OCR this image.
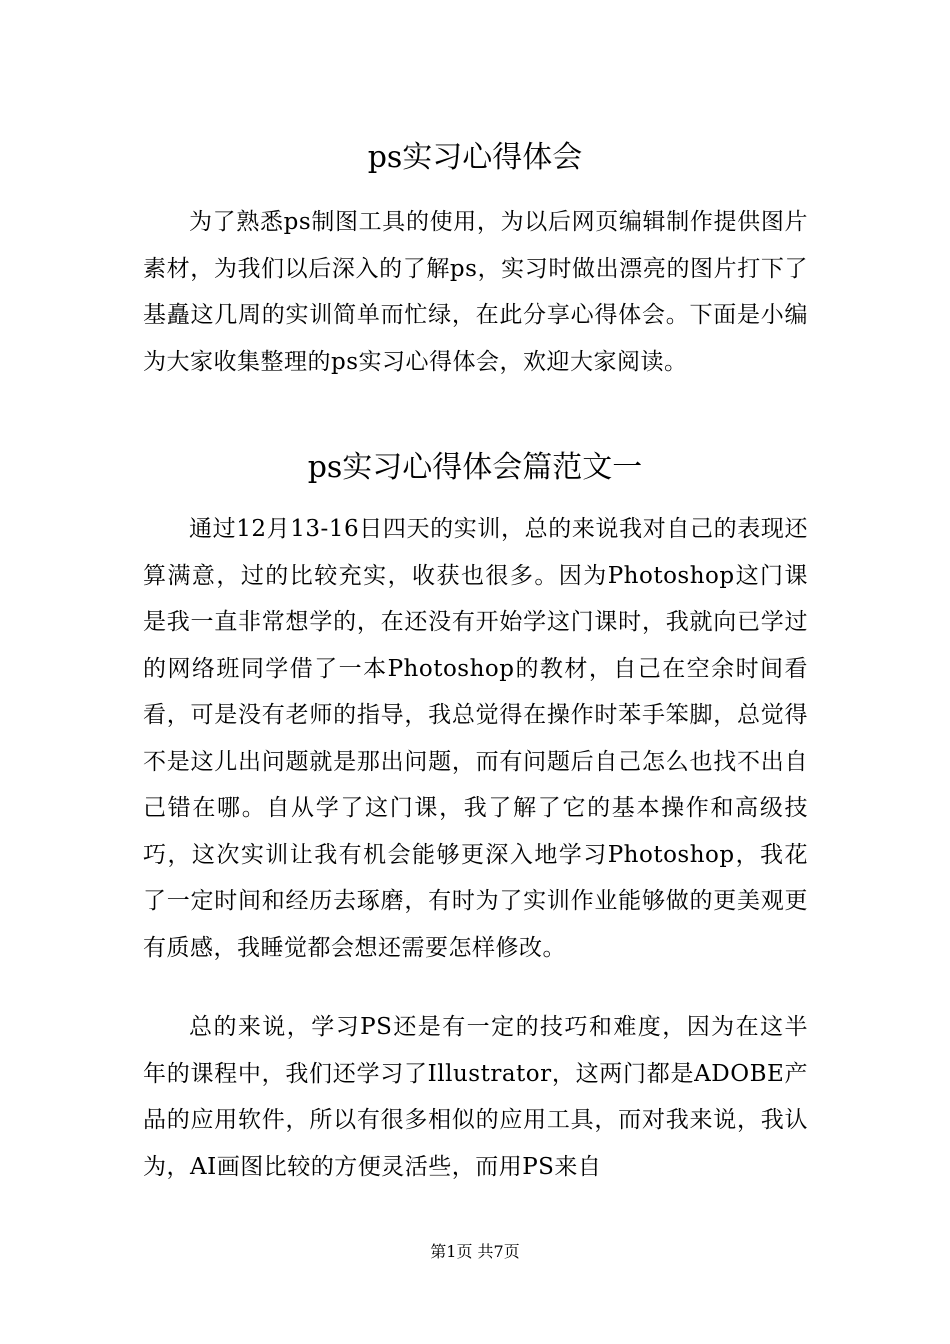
ps实习心得体会

为了熟悉ps制图工具的使用，为以后网页编辑制作提供图片素材，为我们以后深入的了解ps，实习时做出漂亮的图片打下了基矗这几周的实训简单而忙绿，在此分享心得体会。下面是小编为大家收集整理的ps实习心得体会，欢迎大家阅读。

ps实习心得体会篇范文一

通过12月13-16日四天的实训，总的来说我对自己的表现还算满意，过的比较充实，收获也很多。因为Photoshop这门课是我一直非常想学的，在还没有开始学这门课时，我就向已学过的网络班同学借了一本Photoshop的教材，自己在空余时间看看，可是没有老师的指导，我总觉得在操作时苯手笨脚，总觉得不是这儿出问题就是那出问题，而有问题后自己怎么也找不出自己错在哪。自从学了这门课，我了解了它的基本操作和高级技巧，这次实训让我有机会能够更深入地学习Photoshop，我花了一定时间和经历去琢磨，有时为了实训作业能够做的更美观更有质感，我睡觉都会想还需要怎样修改。

总的来说，学习PS还是有一定的技巧和难度，因为在这半年的课程中，我们还学习了Illustrator，这两门都是ADOBE产品的应用软件，所以有很多相似的应用工具，而对我来说，我认为，AI画图比较的方便灵活些，而用PS来自

第1页 共7页
